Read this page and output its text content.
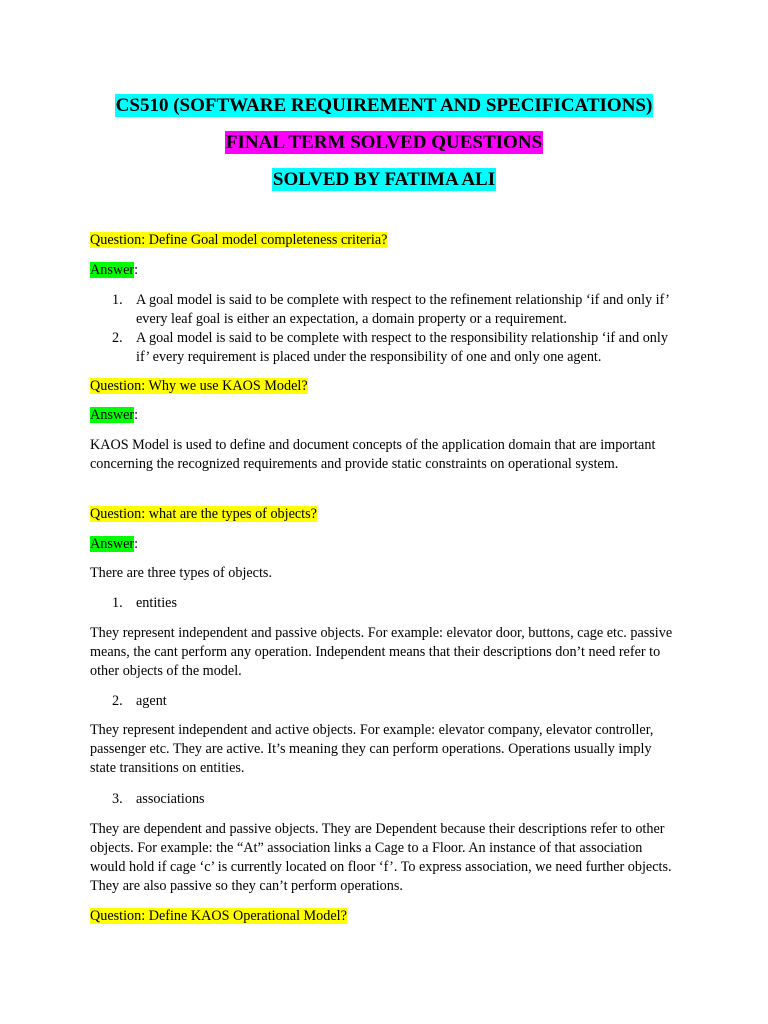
CS510 (SOFTWARE REQUIREMENT AND SPECIFICATIONS)
FINAL TERM SOLVED QUESTIONS
SOLVED BY FATIMA ALI
Question: Define Goal model completeness criteria?
Answer:
1. A goal model is said to be complete with respect to the refinement relationship ‘if and only if’ every leaf goal is either an expectation, a domain property or a requirement.
2. A goal model is said to be complete with respect to the responsibility relationship ‘if and only if’ every requirement is placed under the responsibility of one and only one agent.
Question: Why we use KAOS Model?
Answer:

KAOS Model is used to define and document concepts of the application domain that are important concerning the recognized requirements and provide static constraints on operational system.

Question: what are the types of objects?
Answer:

There are three types of objects.

1. entities

They represent independent and passive objects. For example: elevator door, buttons, cage etc. passive means, the cant perform any operation. Independent means that their descriptions don’t need refer to other objects of the model.

2. agent

They represent independent and active objects. For example: elevator company, elevator controller, passenger etc. They are active. It’s meaning they can perform operations. Operations usually imply state transitions on entities.

3. associations

They are dependent and passive objects. They are Dependent because their descriptions refer to other objects. For example: the “At” association links a Cage to a Floor. An instance of that association would hold if cage ‘c’ is currently located on floor ‘f’. To express association, we need further objects. They are also passive so they can’t perform operations.

Question: Define KAOS Operational Model?
